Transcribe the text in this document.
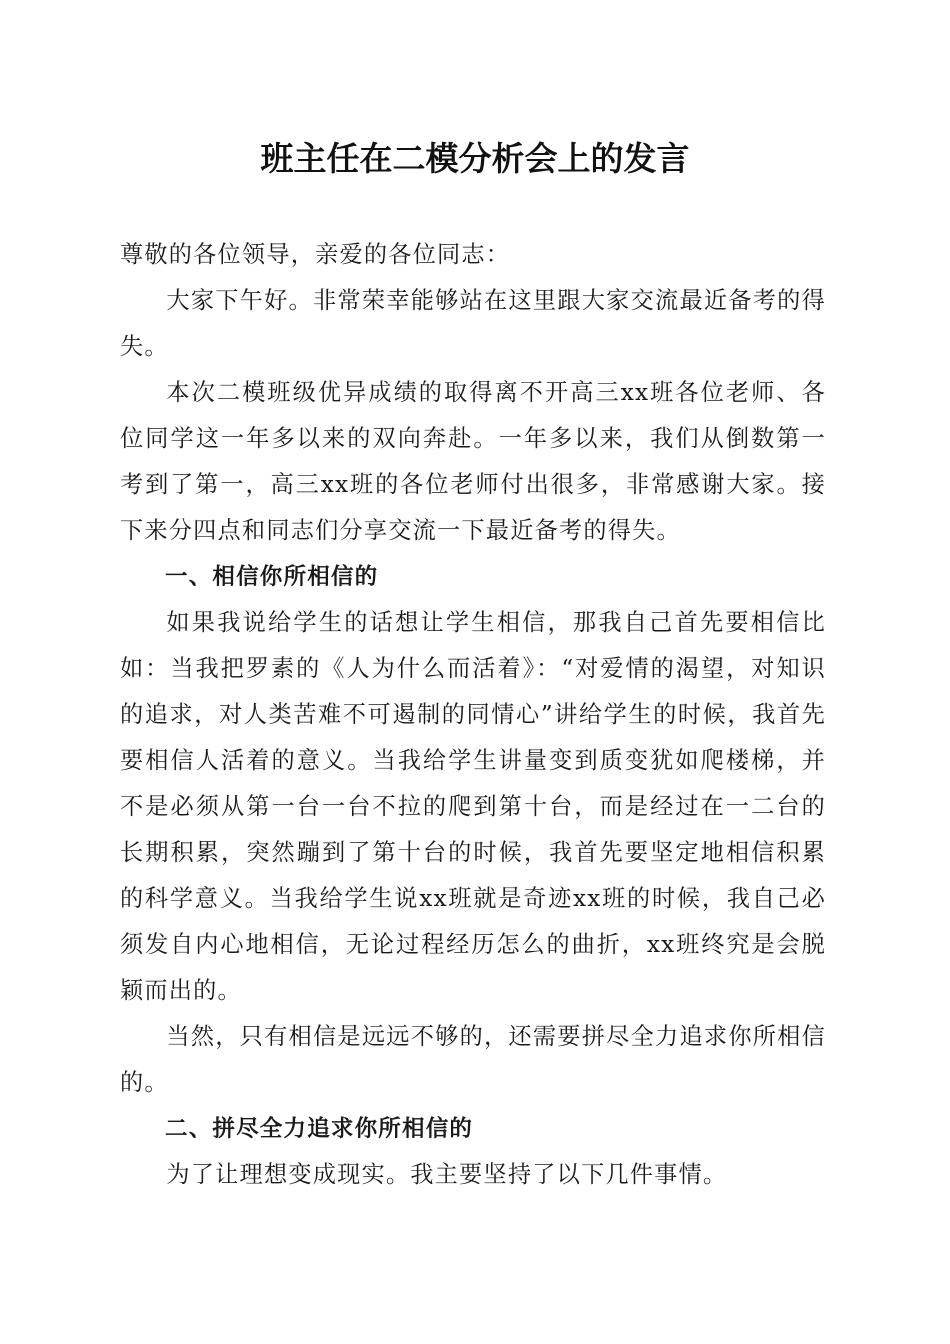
班主任在二模分析会上的发言

尊敬的各位领导，亲爱的各位同志：

大家下午好。非常荣幸能够站在这里跟大家交流最近备考的得失。

本次二模班级优异成绩的取得离不开高三xx班各位老师、各位同学这一年多以来的双向奔赴。一年多以来，我们从倒数第一考到了第一，高三xx班的各位老师付出很多，非常感谢大家。接下来分四点和同志们分享交流一下最近备考的得失。

一、相信你所相信的

如果我说给学生的话想让学生相信，那我自己首先要相信比如：当我把罗素的《人为什么而活着》：“对爱情的渴望，对知识的追求，对人类苦难不可遏制的同情心”讲给学生的时候，我首先要相信人活着的意义。当我给学生讲量变到质变犹如爬楼梯，并不是必须从第一台一台不拉的爬到第十台，而是经过在一二台的长期积累，突然蹦到了第十台的时候，我首先要坚定地相信积累的科学意义。当我给学生说xx班就是奇迹xx班的时候，我自己必须发自内心地相信，无论过程经历怎么的曲折，xx班终究是会脱颖而出的。

当然，只有相信是远远不够的，还需要拼尽全力追求你所相信的。

二、拼尽全力追求你所相信的

为了让理想变成现实。我主要坚持了以下几件事情。
